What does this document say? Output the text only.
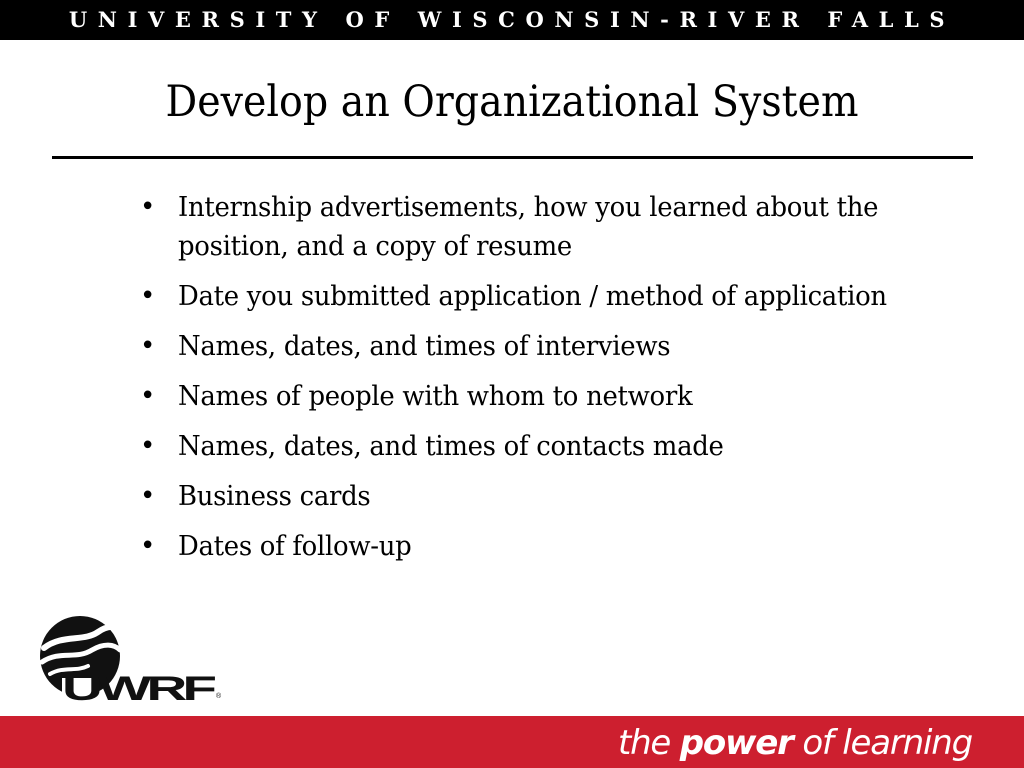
UNIVERSITY OF WISCONSIN-RIVER FALLS
Develop an Organizational System
• Internship advertisements, how you learned about the position, and a copy of resume
• Date you submitted application / method of application
• Names, dates, and times of interviews
• Names of people with whom to network
• Names, dates, and times of contacts made
• Business cards
• Dates of follow-up
UWRF ®
the power of learning
